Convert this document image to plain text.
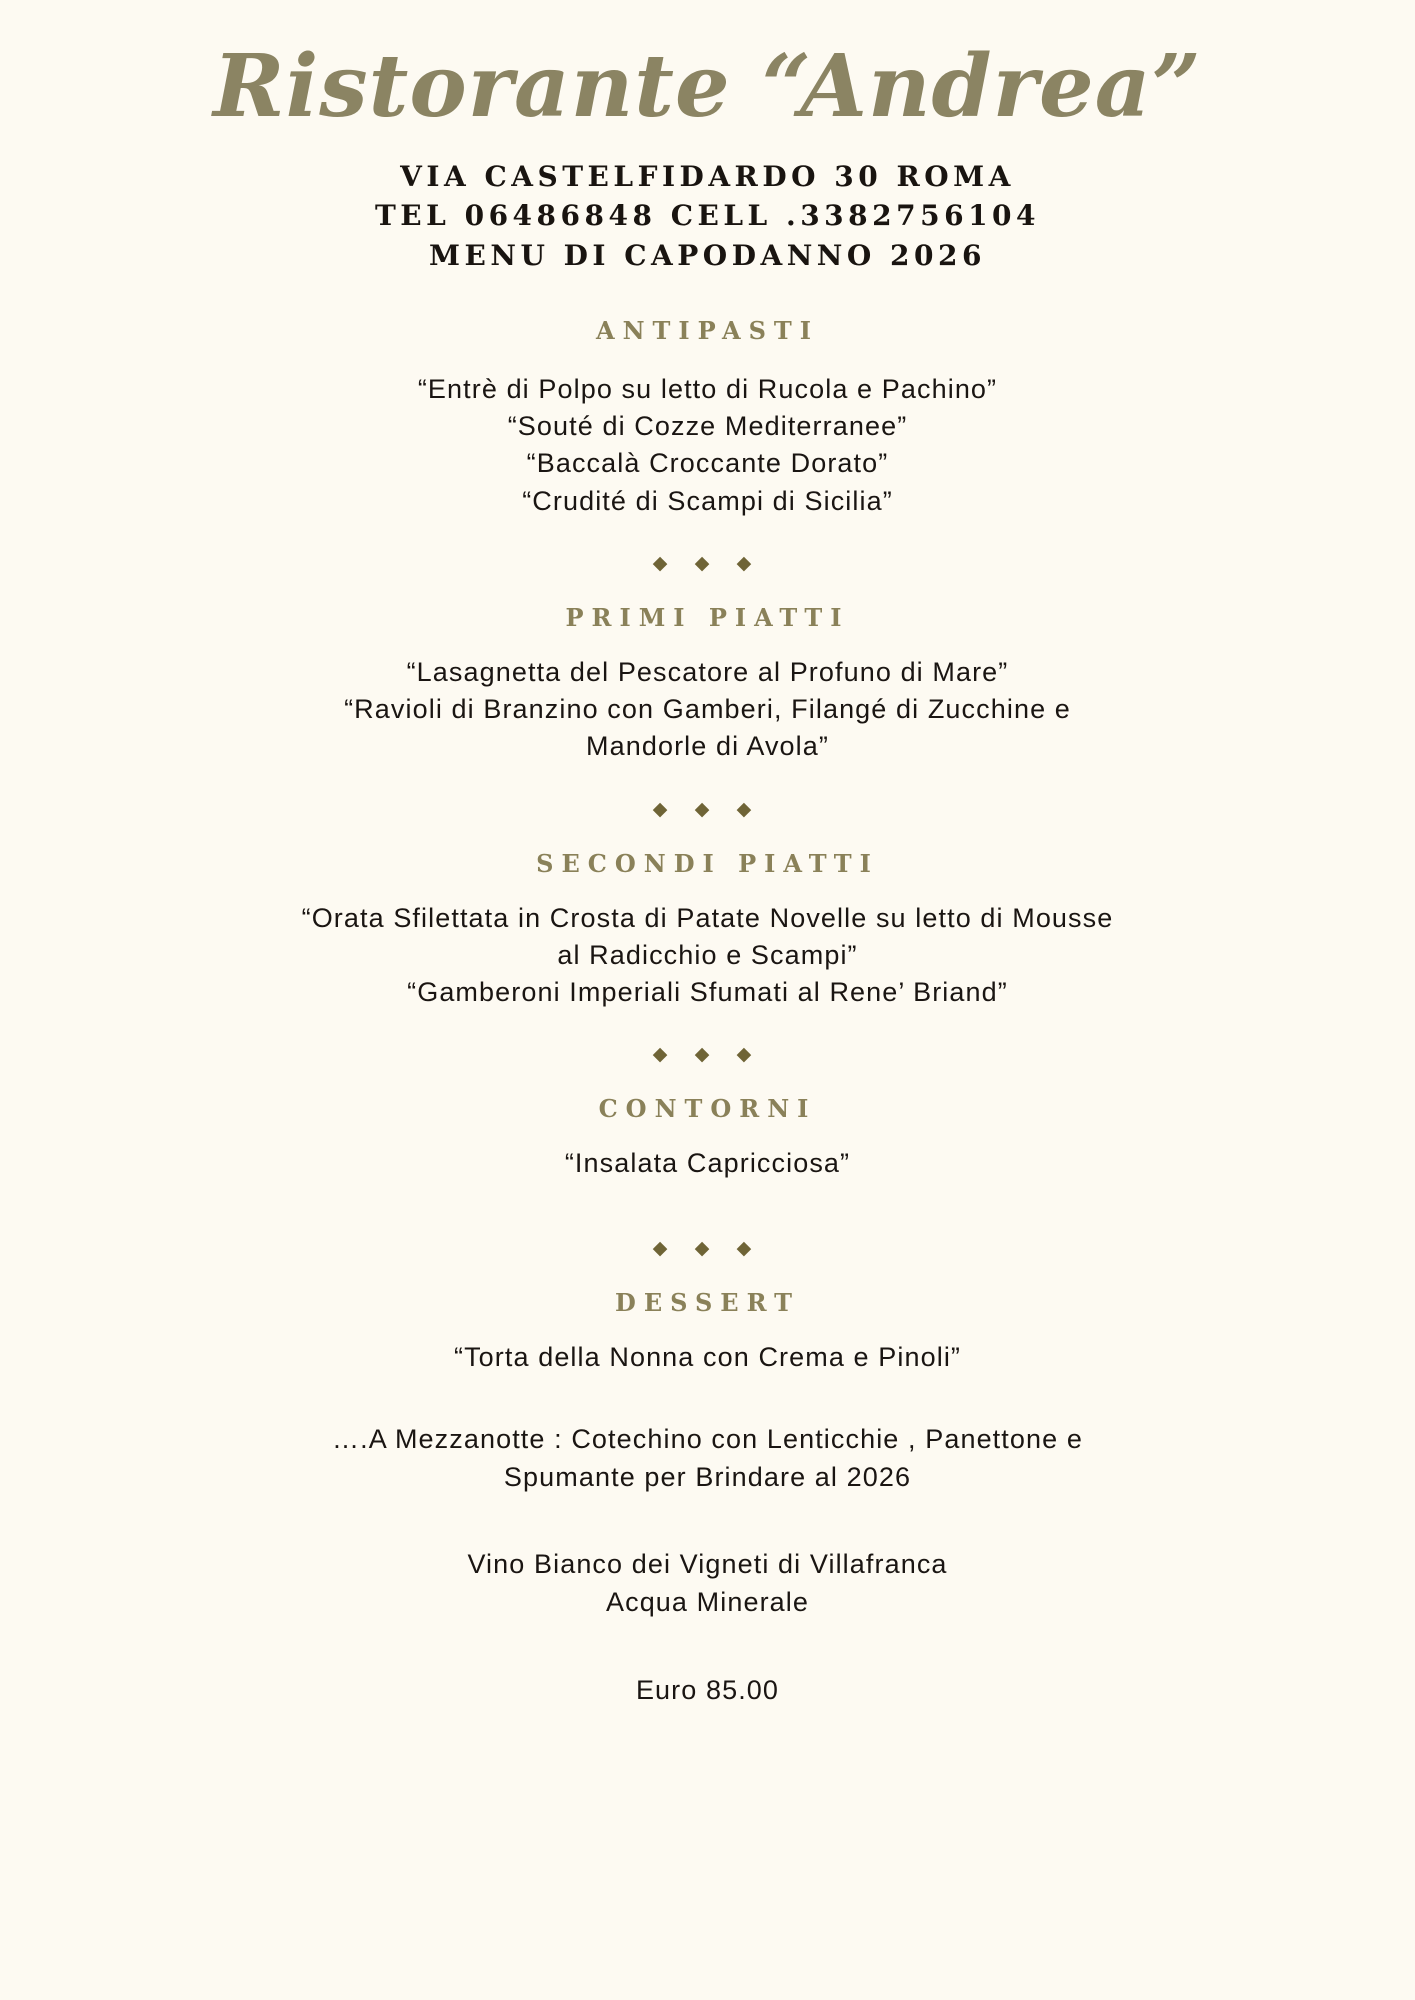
Ristorante “Andrea”
VIA CASTELFIDARDO 30 ROMA
TEL 06486848 CELL .3382756104
MENU DI CAPODANNO 2026
ANTIPASTI
“Entrè di Polpo su letto di Rucola e Pachino”
“Souté di Cozze Mediterranee”
“Baccalà Croccante Dorato”
“Crudité di Scampi di Sicilia”
◆ ◆ ◆
PRIMI PIATTI
“Lasagnetta del Pescatore al Profuno di Mare”
“Ravioli di Branzino con Gamberi, Filangé di Zucchine e Mandorle di Avola”
◆ ◆ ◆
SECONDI PIATTI
“Orata Sfilettata in Crosta di Patate Novelle su letto di Mousse al Radicchio e Scampi”
“Gamberoni Imperiali Sfumati al Rene’ Briand”
◆ ◆ ◆
CONTORNI
“Insalata Capricciosa”
◆ ◆ ◆
DESSERT
“Torta della Nonna con Crema e Pinoli”
….A Mezzanotte : Cotechino con Lenticchie , Panettone e Spumante per Brindare al 2026
Vino Bianco dei Vigneti di Villafranca
Acqua Minerale
Euro 85.00
